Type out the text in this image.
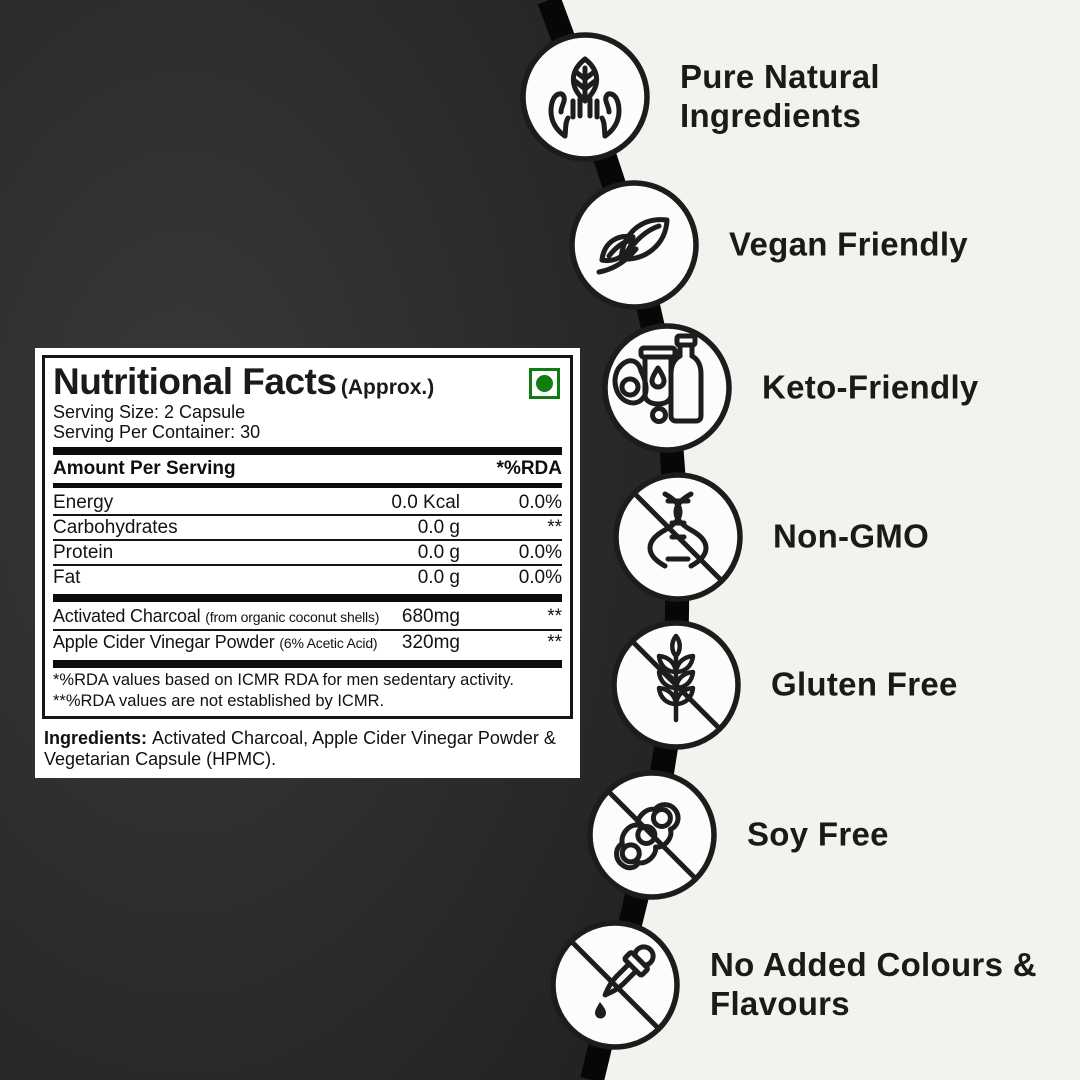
Pure Natural Ingredients
Vegan Friendly
Keto-Friendly
Non-GMO
Gluten Free
Soy Free
No Added Colours & Flavours
Nutritional Facts (Approx.)
Serving Size: 2 Capsule
Serving Per Container: 30
Amount Per Serving	*%RDA
Energy	0.0 Kcal	0.0%
Carbohydrates	0.0 g	**
Protein	0.0 g	0.0%
Fat	0.0 g	0.0%
Activated Charcoal (from organic coconut shells)	680mg	**
Apple Cider Vinegar Powder (6% Acetic Acid)	320mg	**
*%RDA values based on ICMR RDA for men sedentary activity.
**%RDA values are not established by ICMR.
Ingredients: Activated Charcoal, Apple Cider Vinegar Powder & Vegetarian Capsule (HPMC).
